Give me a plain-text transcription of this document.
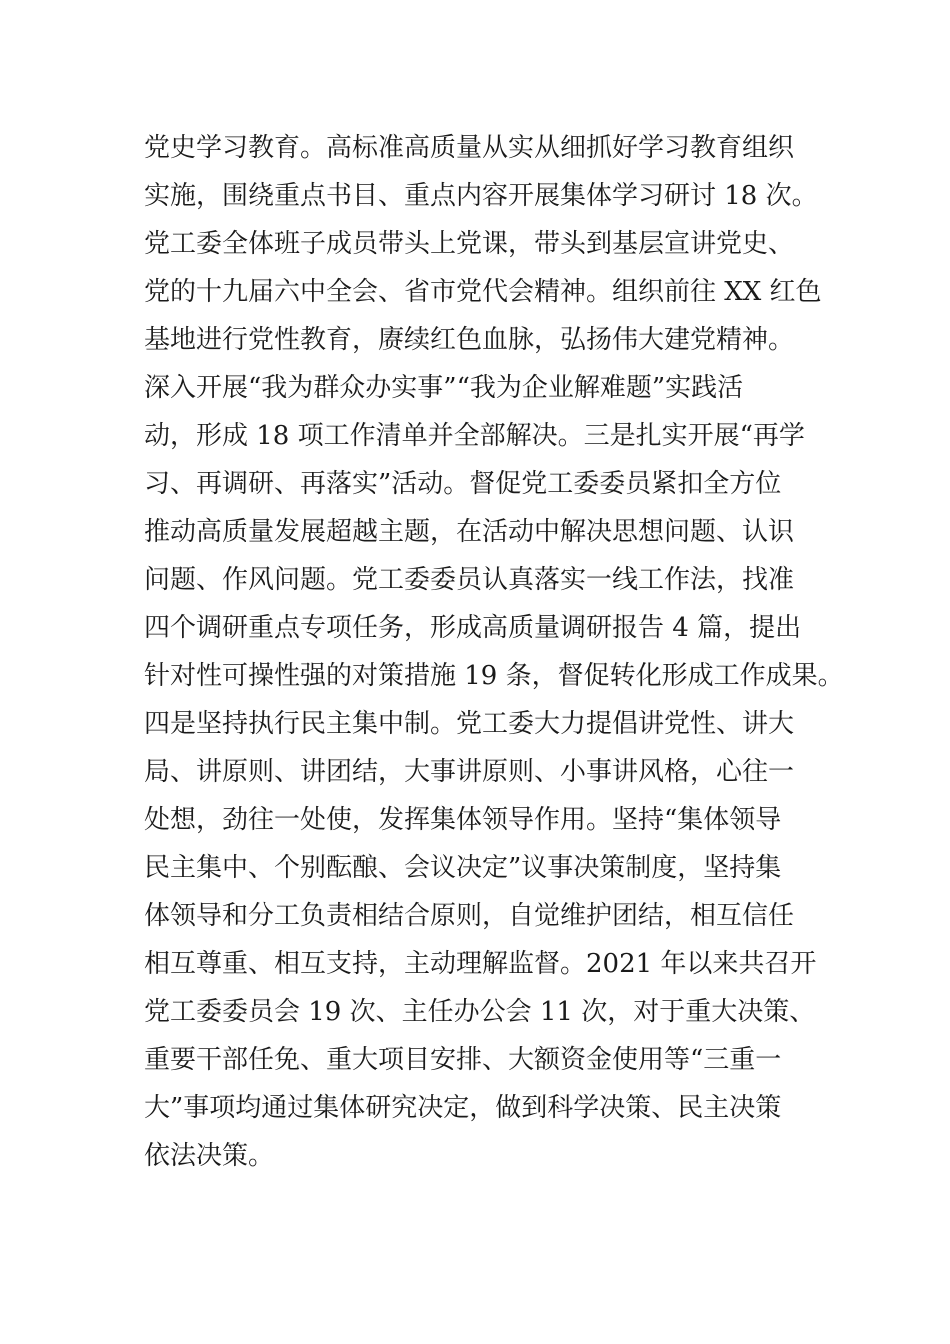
党史学习教育。高标准高质量从实从细抓好学习教育组织
实施，围绕重点书目、重点内容开展集体学习研讨 18 次。
党工委全体班子成员带头上党课，带头到基层宣讲党史、
党的十九届六中全会、省市党代会精神。组织前往 XX 红色
基地进行党性教育，赓续红色血脉，弘扬伟大建党精神。
深入开展“我为群众办实事”“我为企业解难题”实践活
动，形成 18 项工作清单并全部解决。三是扎实开展“再学
习、再调研、再落实”活动。督促党工委委员紧扣全方位
推动高质量发展超越主题，在活动中解决思想问题、认识
问题、作风问题。党工委委员认真落实一线工作法，找准
四个调研重点专项任务，形成高质量调研报告 4 篇，提出
针对性可操性强的对策措施 19 条，督促转化形成工作成果。
四是坚持执行民主集中制。党工委大力提倡讲党性、讲大
局、讲原则、讲团结，大事讲原则、小事讲风格，心往一
处想，劲往一处使，发挥集体领导作用。坚持“集体领导
民主集中、个别酝酿、会议决定”议事决策制度，坚持集
体领导和分工负责相结合原则，自觉维护团结，相互信任
相互尊重、相互支持，主动理解监督。2021 年以来共召开
党工委委员会 19 次、主任办公会 11 次，对于重大决策、
重要干部任免、重大项目安排、大额资金使用等“三重一
大”事项均通过集体研究决定，做到科学决策、民主决策
依法决策。
